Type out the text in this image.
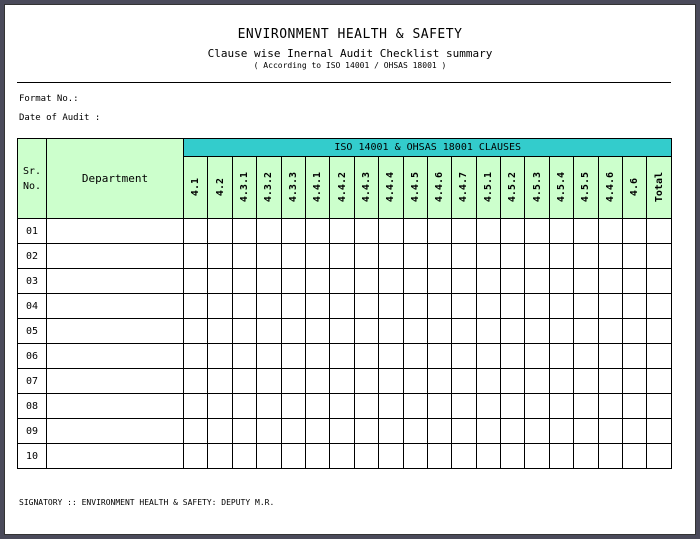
ENVIRONMENT HEALTH & SAFETY
Clause wise Inernal Audit Checklist summary
( According to ISO 14001 / OHSAS 18001 )
Format No.:
Date of Audit :
Sr.
No.	Department	ISO 14001 & OHSAS 18001 CLAUSES																			

		4.1	4.2	4.3.1	4.3.2	4.3.3	4.4.1	4.4.2	4.4.3	4.4.4	4.4.5	4.4.6	4.4.7	4.5.1	4.5.2	4.5.3	4.5.4	4.5.5	4.4.6	4.6	Total

01																					
02																					
03																					
04																					
05																					
06																					
07																					
08																					
09																					
10																					
SIGNATORY :: ENVIRONMENT HEALTH & SAFETY: DEPUTY M.R.
